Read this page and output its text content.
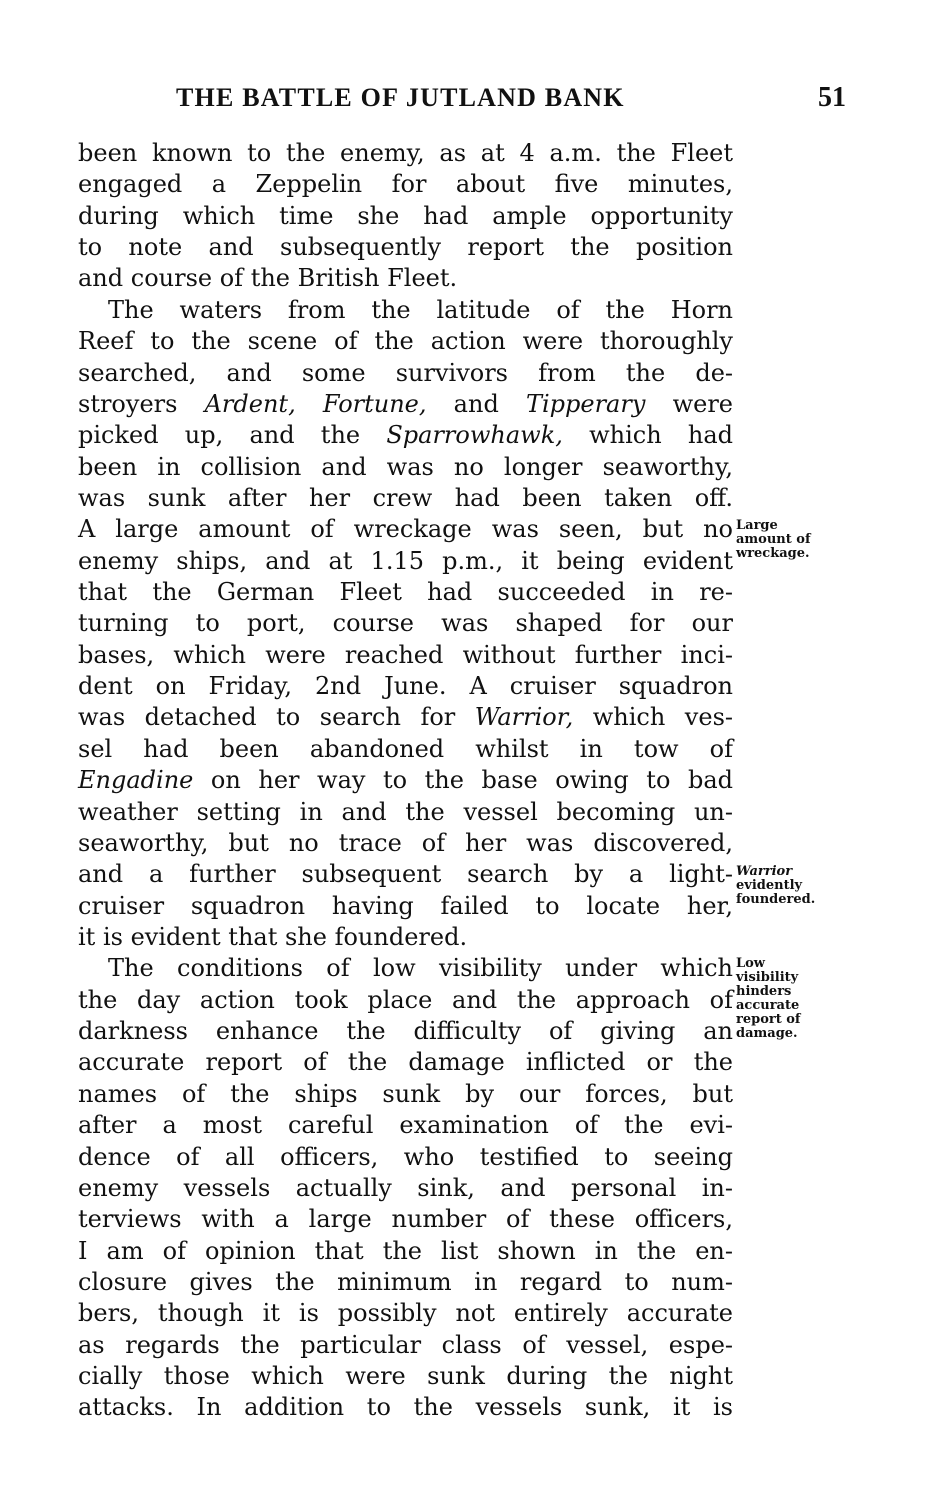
THE BATTLE OF JUTLAND BANK	51
been known to the enemy, as at 4 a.m. the Fleet
engaged a Zeppelin for about five minutes,
during which time she had ample opportunity
to note and subsequently report the position
and course of the British Fleet.
The waters from the latitude of the Horn
Reef to the scene of the action were thoroughly
searched, and some survivors from the de-
stroyers Ardent, Fortune, and Tipperary were
picked up, and the Sparrowhawk, which had
been in collision and was no longer seaworthy,
was sunk after her crew had been taken off.
A large amount of wreckage was seen, but no
enemy ships, and at 1.15 p.m., it being evident
that the German Fleet had succeeded in re-
turning to port, course was shaped for our
bases, which were reached without further inci-
dent on Friday, 2nd June. A cruiser squadron
was detached to search for Warrior, which ves-
sel had been abandoned whilst in tow of
Engadine on her way to the base owing to bad
weather setting in and the vessel becoming un-
seaworthy, but no trace of her was discovered,
and a further subsequent search by a light-
cruiser squadron having failed to locate her,
it is evident that she foundered.
The conditions of low visibility under which
the day action took place and the approach of
darkness enhance the difficulty of giving an
accurate report of the damage inflicted or the
names of the ships sunk by our forces, but
after a most careful examination of the evi-
dence of all officers, who testified to seeing
enemy vessels actually sink, and personal in-
terviews with a large number of these officers,
I am of opinion that the list shown in the en-
closure gives the minimum in regard to num-
bers, though it is possibly not entirely accurate
as regards the particular class of vessel, espe-
cially those which were sunk during the night
attacks. In addition to the vessels sunk, it is
Large
amount of
wreckage.
Warrior
evidently
foundered.
Low
visibility
hinders
accurate
report of
damage.
